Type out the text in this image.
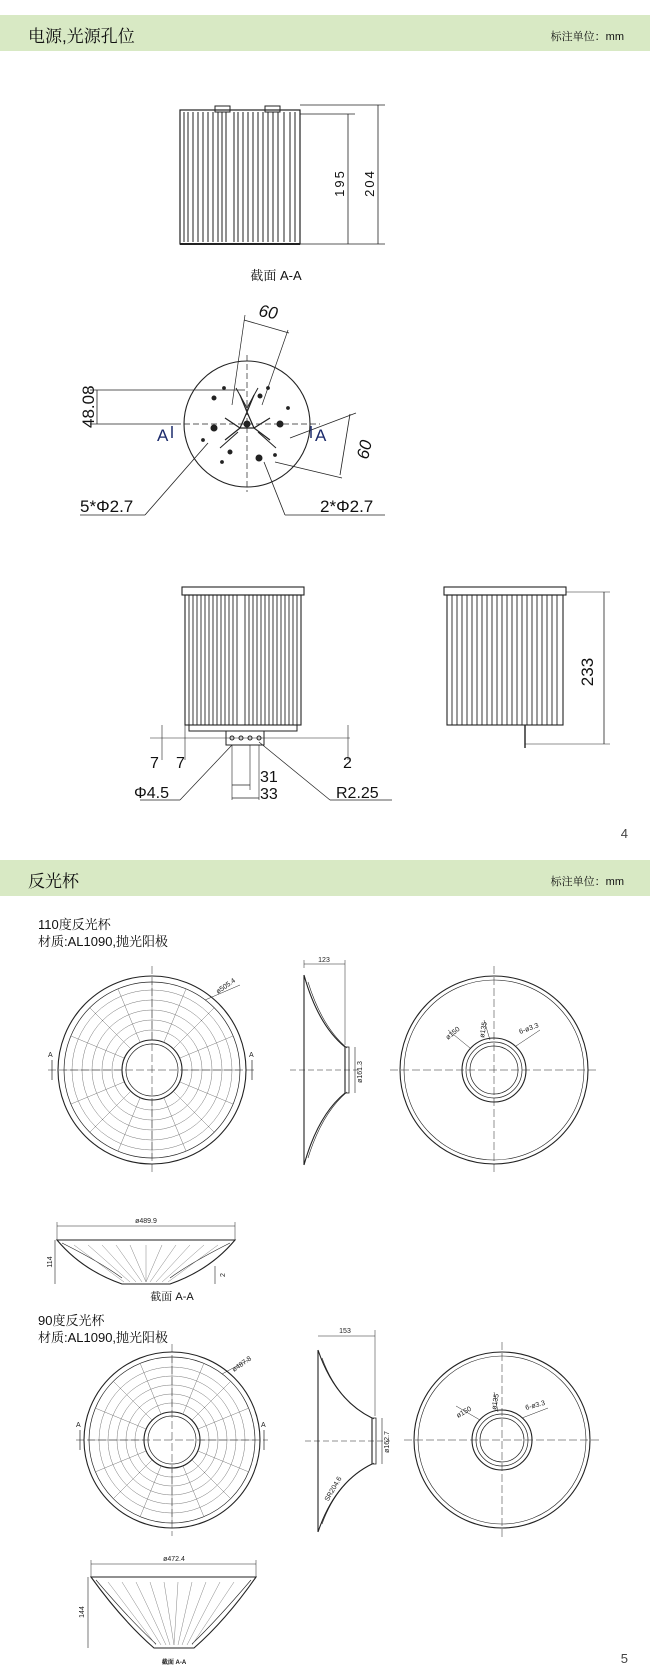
电源,光源孔位	标注单位：mm
195 204
截面 A-A
60
60
48.08
A	A
5*Φ2.7	2*Φ2.7
7 7	2
31
33
Φ4.5	R2.25
233
ø505.4
A	A
123
ø161.3
ø150	ø135	6-ø3.3
ø489.9
114
2
截面 A-A
ø487.8
A	A
153
ø162.7
SR204.6
ø150
ø135	6-ø3.3
ø472.4
144
截面 A-A
4
反光杯	标注单位：mm
110度反光杯
材质:AL1090,抛光阳极
90度反光杯
材质:AL1090,抛光阳极
5
